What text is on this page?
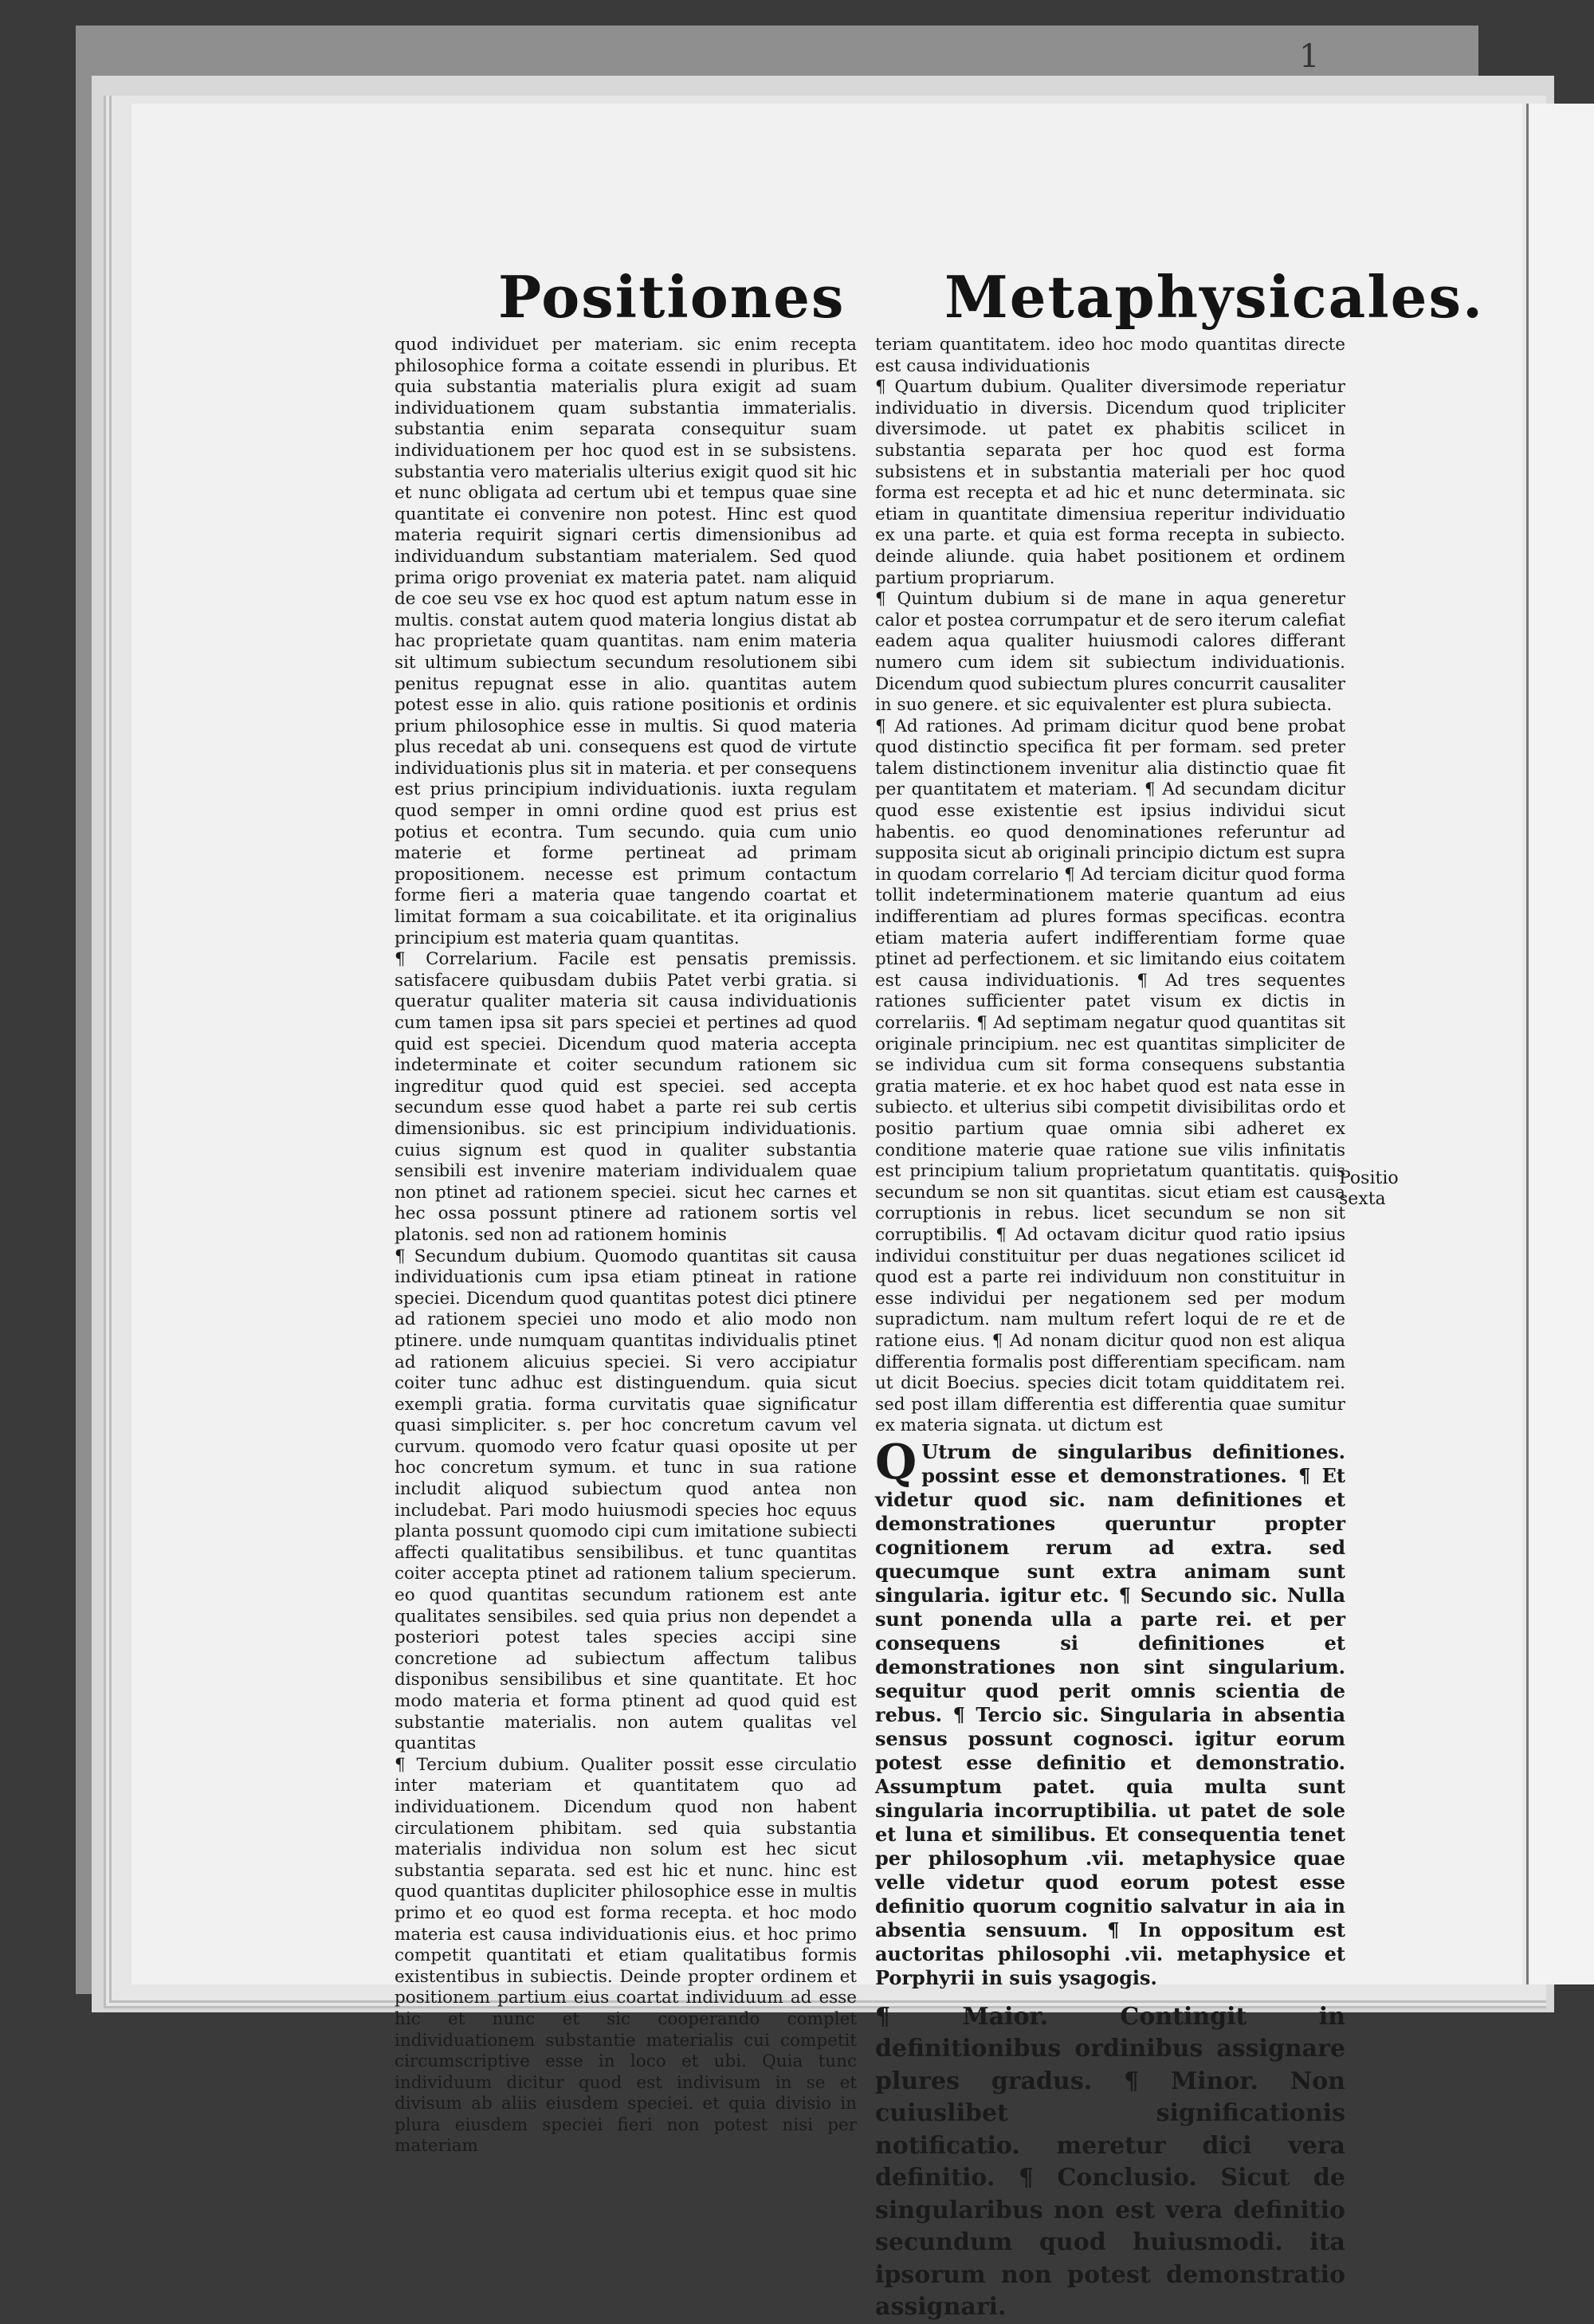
1
Positiones Metaphysicales.

quod individuet per materiam. sic enim recepta philosophice forma a coitate essendi in pluribus. Et quia substantia materialis plura exigit ad suam individuationem quam substantia immaterialis. substantia enim separata consequitur suam individuationem per hoc quod est in se subsistens. substantia vero materialis ulterius exigit quod sit hic et nunc obligata ad certum ubi et tempus quae sine quantitate ei convenire non potest. Hinc est quod materia requirit signari certis dimensionibus ad individuandum substantiam materialem. Sed quod prima origo proveniat ex materia patet. nam aliquid de coe seu vse ex hoc quod est aptum natum esse in multis. constat autem quod materia longius distat ab hac proprietate quam quantitas. nam enim materia sit ultimum subiectum secundum resolutionem sibi penitus repugnat esse in alio. quantitas autem potest esse in alio. quis ratione positionis et ordinis prium philosophice esse in multis. Si quod materia plus recedat ab uni. consequens est quod de virtute individuationis plus sit in materia. et per consequens est prius principium individuationis. iuxta regulam quod semper in omni ordine quod est prius est potius et econtra. Tum secundo. quia cum unio materie et forme pertineat ad primam propositionem. necesse est primum contactum forme fieri a materia quae tangendo coartat et limitat formam a sua coicabilitate. et ita originalius principium est materia quam quantitas.

¶ Correlarium. Facile est pensatis premissis. satisfacere quibusdam dubiis Patet verbi gratia. si queratur qualiter materia sit causa individuationis cum tamen ipsa sit pars speciei et pertines ad quod quid est speciei. Dicendum quod materia accepta indeterminate et coiter secundum rationem sic ingreditur quod quid est speciei. sed accepta secundum esse quod habet a parte rei sub certis dimensionibus. sic est principium individuationis. cuius signum est quod in qualiter substantia sensibili est invenire materiam individualem quae non ptinet ad rationem speciei. sicut hec carnes et hec ossa possunt ptinere ad rationem sortis vel platonis. sed non ad rationem hominis

¶ Secundum dubium. Quomodo quantitas sit causa individuationis cum ipsa etiam ptineat in ratione speciei. Dicendum quod quantitas potest dici ptinere ad rationem speciei uno modo et alio modo non ptinere. unde numquam quantitas individualis ptinet ad rationem alicuius speciei. Si vero accipiatur coiter tunc adhuc est distinguendum. quia sicut exempli gratia. forma curvitatis quae significatur quasi simpliciter. s. per hoc concretum cavum vel curvum. quomodo vero fcatur quasi oposite ut per hoc concretum symum. et tunc in sua ratione includit aliquod subiectum quod antea non includebat. Pari modo huiusmodi species hoc equus planta possunt quomodo cipi cum imitatione subiecti affecti qualitatibus sensibilibus. et tunc quantitas coiter accepta ptinet ad rationem talium specierum. eo quod quantitas secundum rationem est ante qualitates sensibiles. sed quia prius non dependet a posteriori potest tales species accipi sine concretione ad subiectum affectum talibus disponibus sensibilibus et sine quantitate. Et hoc modo materia et forma ptinent ad quod quid est substantie materialis. non autem qualitas vel quantitas

¶ Tercium dubium. Qualiter possit esse circulatio inter materiam et quantitatem quo ad individuationem. Dicendum quod non habent circulationem phibitam. sed quia substantia materialis individua non solum est hec sicut substantia separata. sed est hic et nunc. hinc est quod quantitas dupliciter philosophice esse in multis primo et eo quod est forma recepta. et hoc modo materia est causa individuationis eius. et hoc primo competit quantitati et etiam qualitatibus formis existentibus in subiectis. Deinde propter ordinem et positionem partium eius coartat individuum ad esse hic et nunc et sic cooperando complet individuationem substantie materialis cui competit circumscriptive esse in loco et ubi. Quia tunc individuum dicitur quod est indivisum in se et divisum ab aliis eiusdem speciei. et quia divisio in plura eiusdem speciei fieri non potest nisi per materiam

teriam quantitatem. ideo hoc modo quantitas directe est causa individuationis

¶ Quartum dubium. Qualiter diversimode reperiatur individuatio in diversis. Dicendum quod tripliciter diversimode. ut patet ex phabitis scilicet in substantia separata per hoc quod est forma subsistens et in substantia materiali per hoc quod forma est recepta et ad hic et nunc determinata. sic etiam in quantitate dimensiua reperitur individuatio ex una parte. et quia est forma recepta in subiecto. deinde aliunde. quia habet positionem et ordinem partium propriarum.

¶ Quintum dubium si de mane in aqua generetur calor et postea corrumpatur et de sero iterum calefiat eadem aqua qualiter huiusmodi calores differant numero cum idem sit subiectum individuationis. Dicendum quod subiectum plures concurrit causaliter in suo genere. et sic equivalenter est plura subiecta.

¶ Ad rationes. Ad primam dicitur quod bene probat quod distinctio specifica fit per formam. sed preter talem distinctionem invenitur alia distinctio quae fit per quantitatem et materiam. ¶ Ad secundam dicitur quod esse existentie est ipsius individui sicut habentis. eo quod denominationes referuntur ad supposita sicut ab originali principio dictum est supra in quodam correlario ¶ Ad terciam dicitur quod forma tollit indeterminationem materie quantum ad eius indifferentiam ad plures formas specificas. econtra etiam materia aufert indifferentiam forme quae ptinet ad perfectionem. et sic limitando eius coitatem est causa individuationis. ¶ Ad tres sequentes rationes sufficienter patet visum ex dictis in correlariis. ¶ Ad septimam negatur quod quantitas sit originale principium. nec est quantitas simpliciter de se individua cum sit forma consequens substantia gratia materie. et ex hoc habet quod est nata esse in subiecto. et ulterius sibi competit divisibilitas ordo et positio partium quae omnia sibi adheret ex conditione materie quae ratione sue vilis infinitatis est principium talium proprietatum quantitatis. quis secundum se non sit quantitas. sicut etiam est causa corruptionis in rebus. licet secundum se non sit corruptibilis. ¶ Ad octavam dicitur quod ratio ipsius individui constituitur per duas negationes scilicet id quod est a parte rei individuum non constituitur in esse individui per negationem sed per modum supradictum. nam multum refert loqui de re et de ratione eius. ¶ Ad nonam dicitur quod non est aliqua differentia formalis post differentiam specificam. nam ut dicit Boecius. species dicit totam quidditatem rei. sed post illam differentia est differentia quae sumitur ex materia signata. ut dictum est

Q Utrum de singularibus definitiones. possint esse et demonstrationes. ¶ Et videtur quod sic. nam definitiones et demonstrationes queruntur propter cognitionem rerum ad extra. sed quecumque sunt extra animam sunt singularia. igitur etc. ¶ Secundo sic. Nulla sunt ponenda ulla a parte rei. et per consequens si definitiones et demonstrationes non sint singularium. sequitur quod perit omnis scientia de rebus. ¶ Tercio sic. Singularia in absentia sensus possunt cognosci. igitur eorum potest esse definitio et demonstratio. Assumptum patet. quia multa sunt singularia incorruptibilia. ut patet de sole et luna et similibus. Et consequentia tenet per philosophum .vii. metaphysice quae velle videtur quod eorum potest esse definitio quorum cognitio salvatur in aia in absentia sensuum. ¶ In oppositum est auctoritas philosophi .vii. metaphysice et Porphyrii in suis ysagogis.

¶ Maior. Contingit in definitionibus ordinibus assignare plures gradus. ¶ Minor. Non cuiuslibet significationis notificatio. meretur dici vera definitio. ¶ Conclusio. Sicut de singularibus non est vera definitio secundum quod huiusmodi. ita ipsorum non potest demonstratio assignari.

Positio
sexta
